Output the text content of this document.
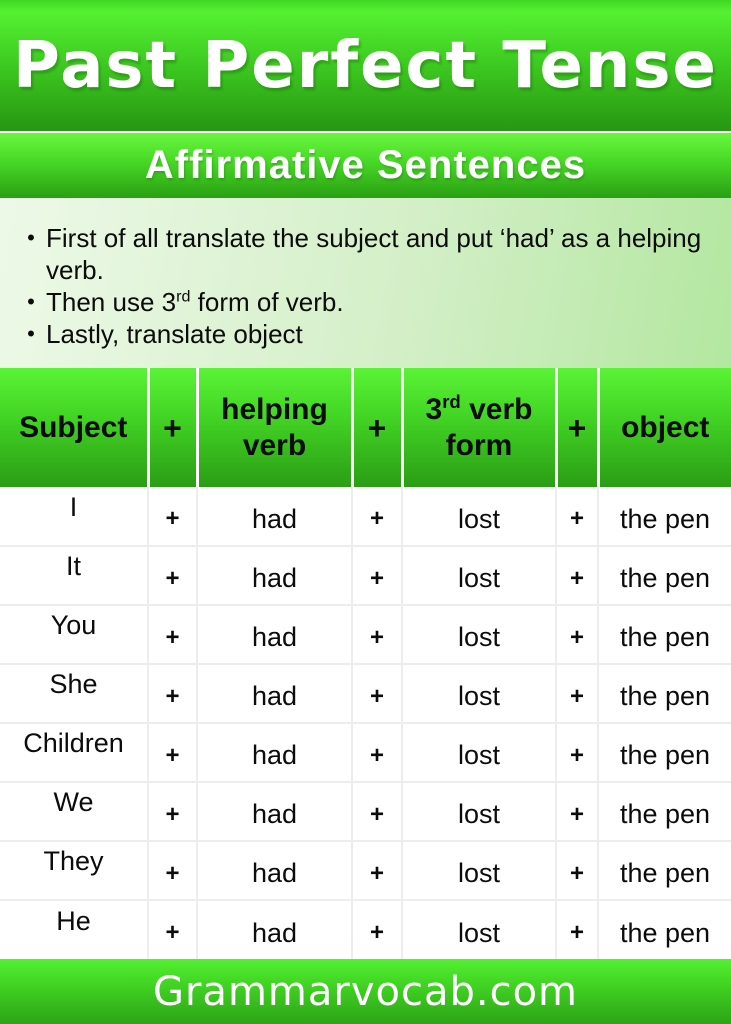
Past Perfect Tense
Affirmative Sentences
• First of all translate the subject and put ‘had’ as a helping verb.
• Then use 3rd form of verb.
• Lastly, translate object
Subject	+	helping verb	+	3rd verb form	+	object
I	+	had	+	lost	+	the pen
It	+	had	+	lost	+	the pen
You	+	had	+	lost	+	the pen
She	+	had	+	lost	+	the pen
Children	+	had	+	lost	+	the pen
We	+	had	+	lost	+	the pen
They	+	had	+	lost	+	the pen
He	+	had	+	lost	+	the pen
Grammarvocab.com
